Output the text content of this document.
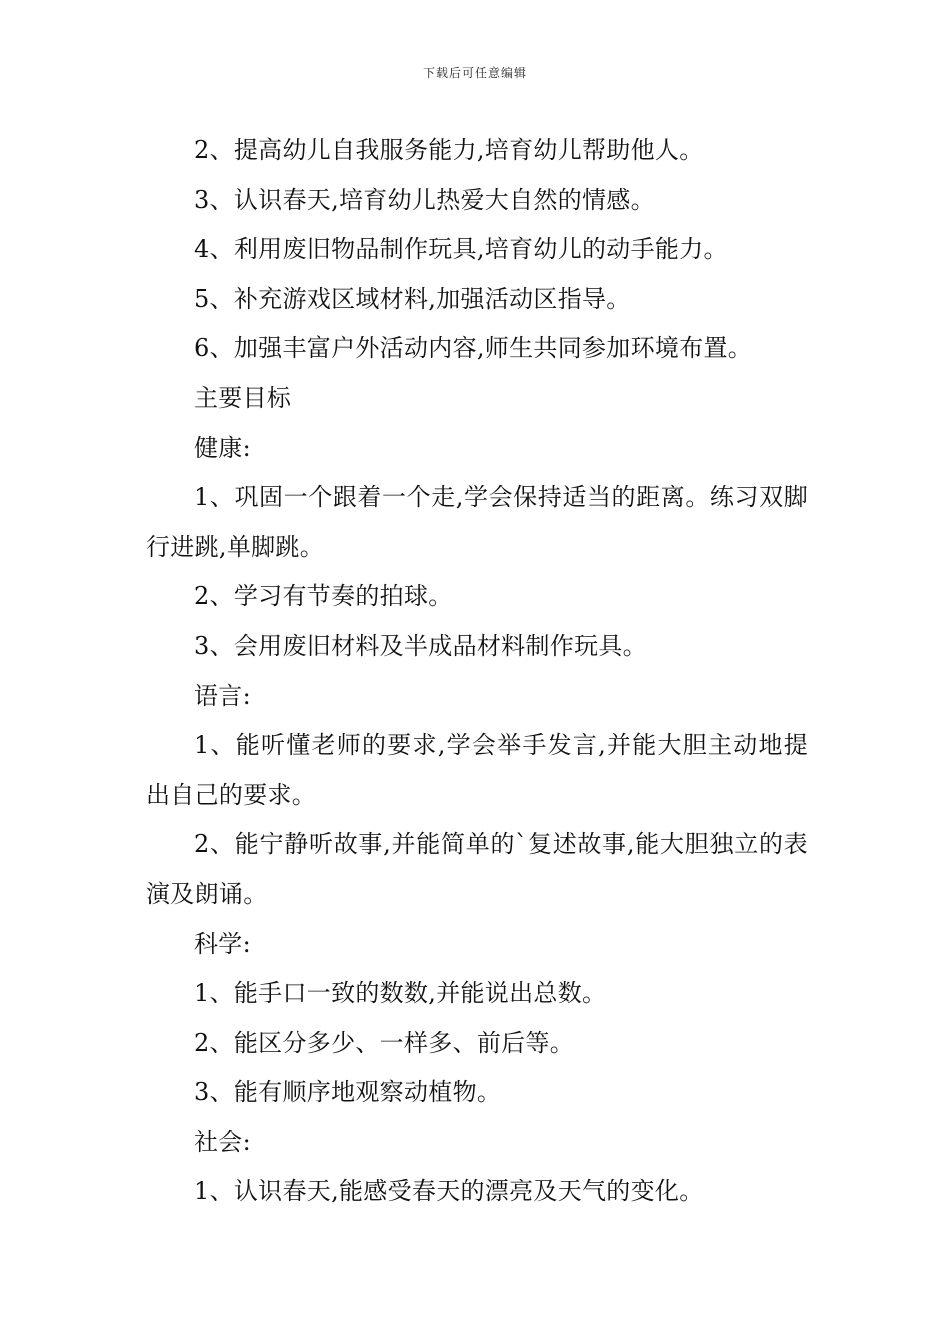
下载后可任意编辑

2、提高幼儿自我服务能力,培育幼儿帮助他人。

3、认识春天,培育幼儿热爱大自然的情感。

4、利用废旧物品制作玩具,培育幼儿的动手能力。

5、补充游戏区域材料,加强活动区指导。

6、加强丰富户外活动内容,师生共同参加环境布置。

主要目标

健康:

1、巩固一个跟着一个走,学会保持适当的距离。练习双脚行进跳,单脚跳。

2、学习有节奏的拍球。

3、会用废旧材料及半成品材料制作玩具。

语言:

1、能听懂老师的要求,学会举手发言,并能大胆主动地提出自己的要求。

2、能宁静听故事,并能简单的`复述故事,能大胆独立的表演及朗诵。

科学:

1、能手口一致的数数,并能说出总数。

2、能区分多少、一样多、前后等。

3、能有顺序地观察动植物。

社会:

1、认识春天,能感受春天的漂亮及天气的变化。
